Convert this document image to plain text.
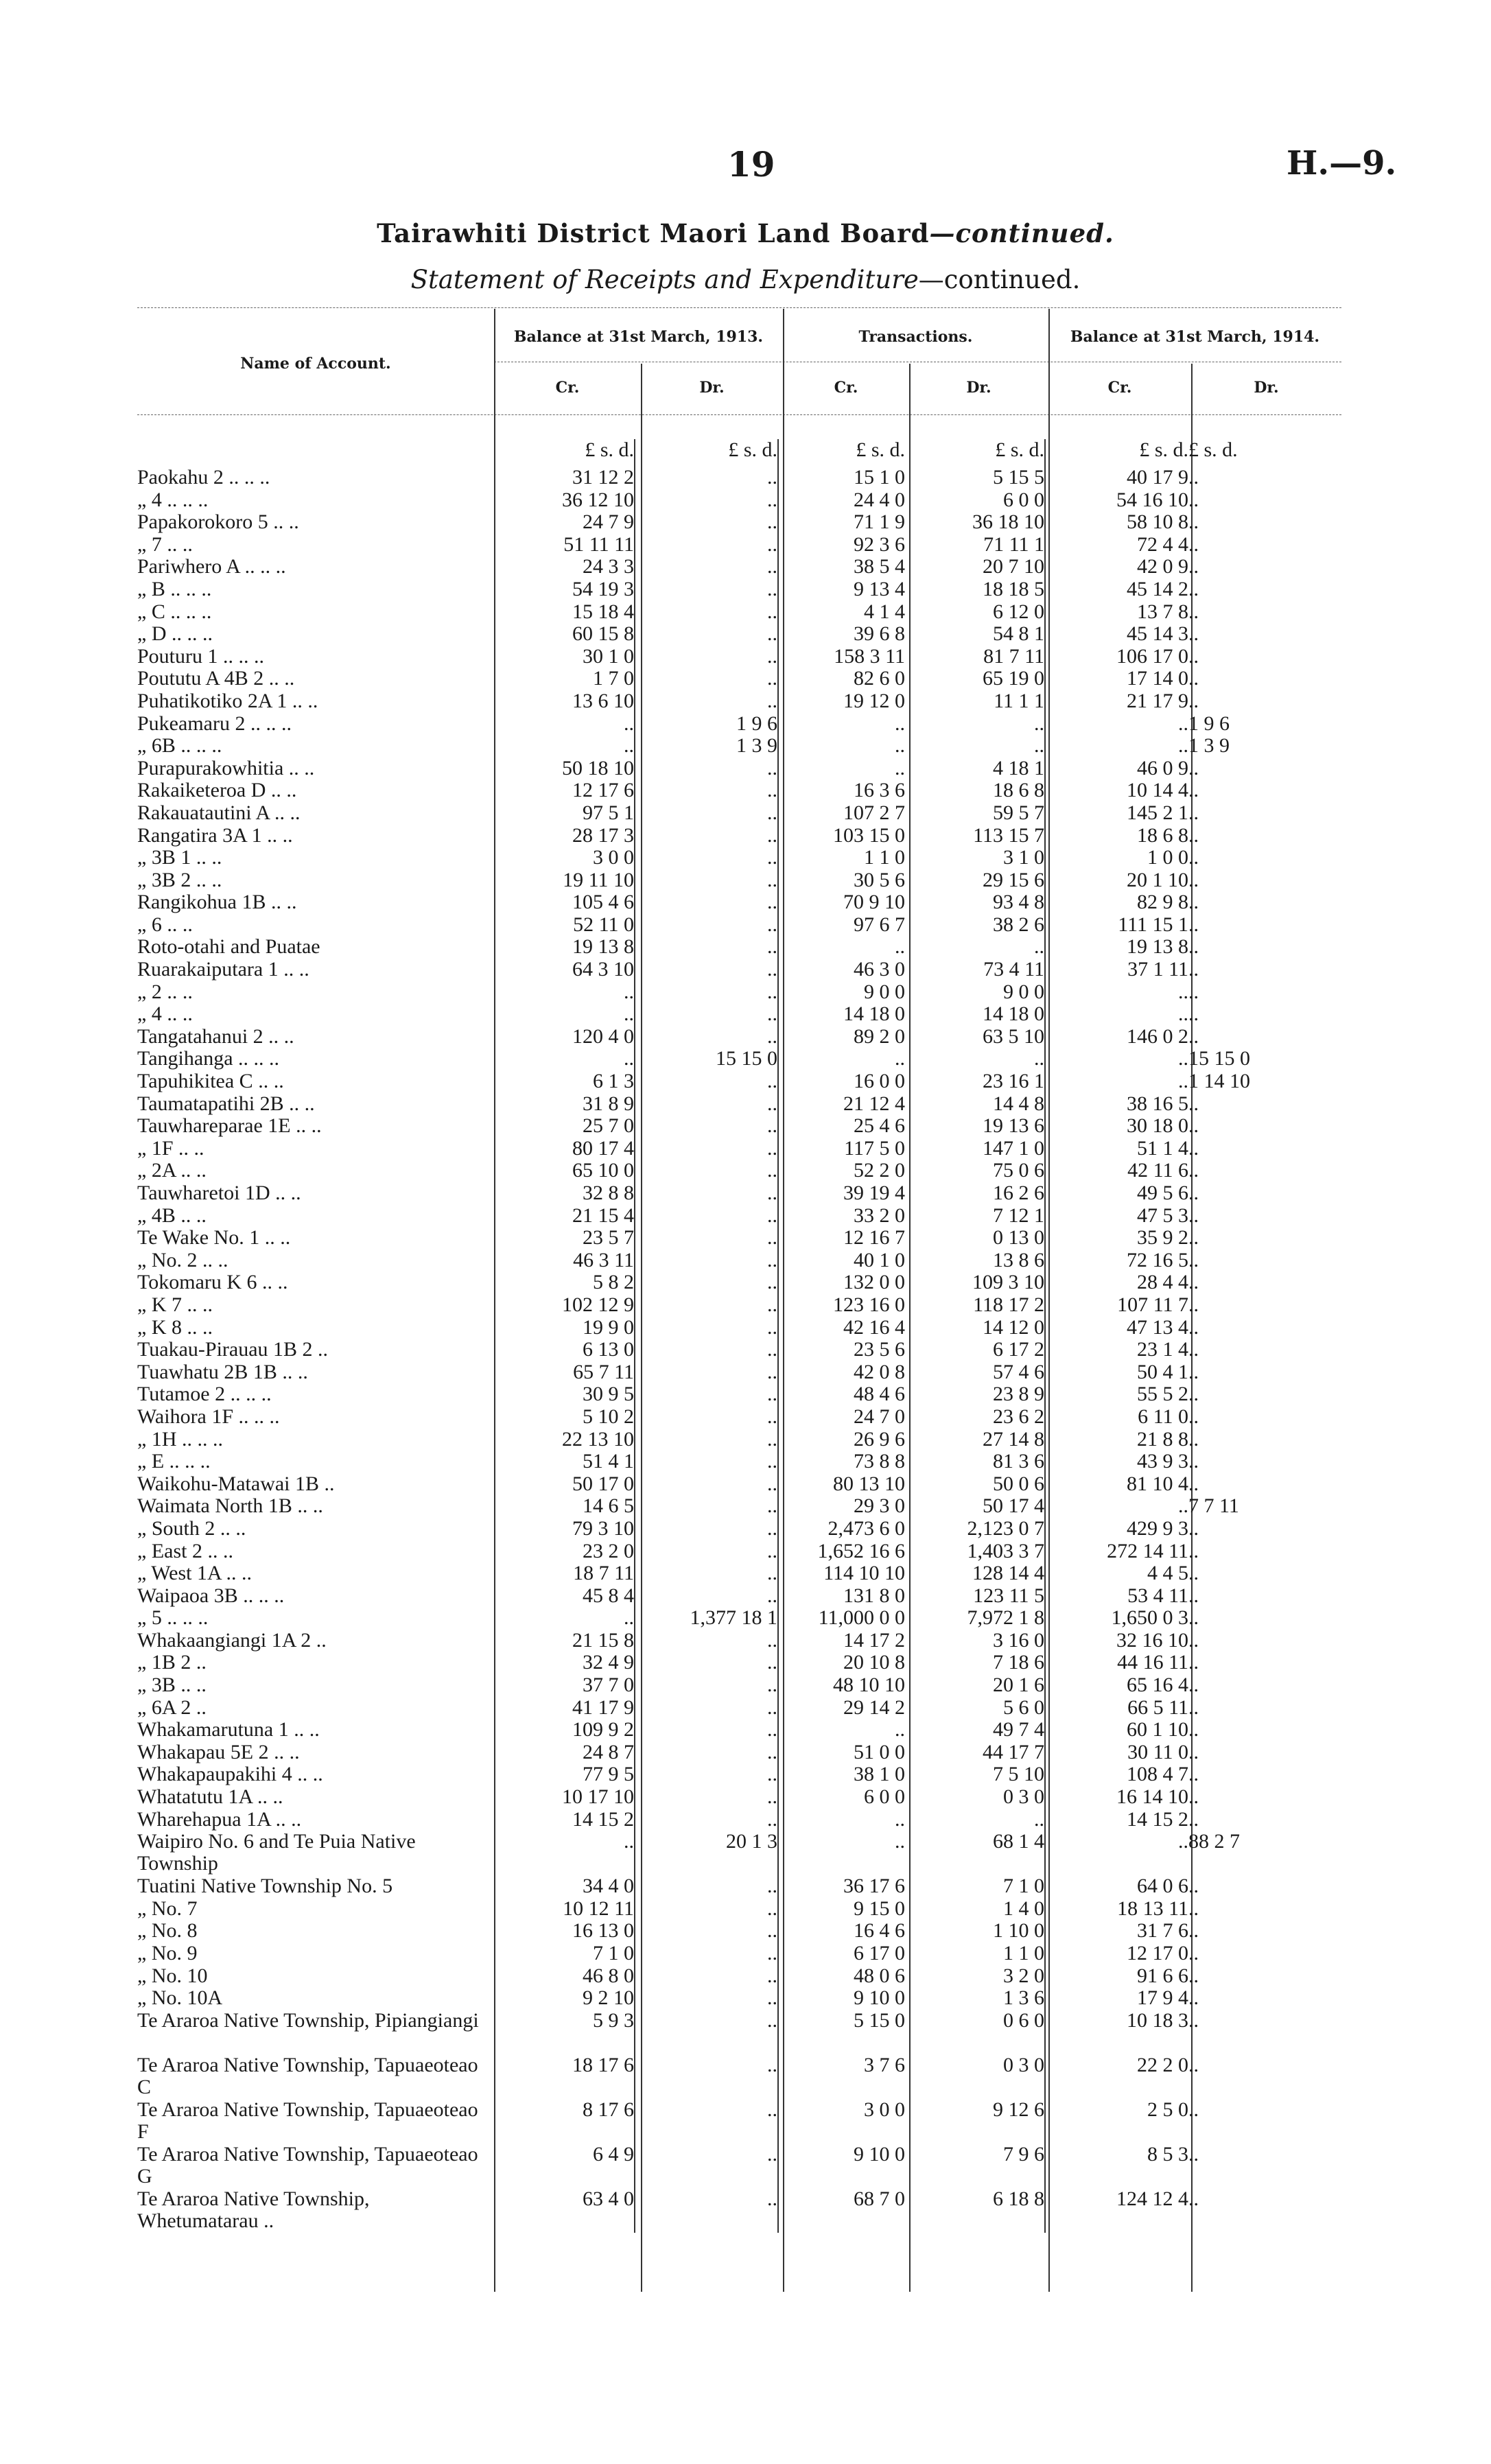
19	H.—9.
Tairawhiti District Maori Land Board—continued.
Statement of Receipts and Expenditure—continued.
Name of Account.
Balance at 31st March, 1913.	Transactions.	Balance at 31st March, 1914.
Cr.	Dr.	Cr.	Dr.	Cr.	Dr.
	£ s. d.	£ s. d.	£ s. d.	£ s. d.	£ s. d.	£ s. d.
Paokahu 2 .. .. ..	31 12 2	..	15 1 0	5 15 5	40 17 9	..
„ 4 .. .. ..	36 12 10	..	24 4 0	6 0 0	54 16 10	..
Papakorokoro 5 .. ..	24 7 9	..	71 1 9	36 18 10	58 10 8	..
„ 7 .. ..	51 11 11	..	92 3 6	71 11 1	72 4 4	..
Pariwhero A .. .. ..	24 3 3	..	38 5 4	20 7 10	42 0 9	..
„ B .. .. ..	54 19 3	..	9 13 4	18 18 5	45 14 2	..
„ C .. .. ..	15 18 4	..	4 1 4	6 12 0	13 7 8	..
„ D .. .. ..	60 15 8	..	39 6 8	54 8 1	45 14 3	..
Pouturu 1 .. .. ..	30 1 0	..	158 3 11	81 7 11	106 17 0	..
Poututu A 4B 2 .. ..	1 7 0	..	82 6 0	65 19 0	17 14 0	..
Puhatikotiko 2A 1 .. ..	13 6 10	..	19 12 0	11 1 1	21 17 9	..
Pukeamaru 2 .. .. ..	..	1 9 6	..	..	..	1 9 6
„ 6B .. .. ..	..	1 3 9	..	..	..	1 3 9
Purapurakowhitia .. ..	50 18 10	..	..	4 18 1	46 0 9	..
Rakaiketeroa D .. ..	12 17 6	..	16 3 6	18 6 8	10 14 4	..
Rakauatautini A .. ..	97 5 1	..	107 2 7	59 5 7	145 2 1	..
Rangatira 3A 1 .. ..	28 17 3	..	103 15 0	113 15 7	18 6 8	..
„ 3B 1 .. ..	3 0 0	..	1 1 0	3 1 0	1 0 0	..
„ 3B 2 .. ..	19 11 10	..	30 5 6	29 15 6	20 1 10	..
Rangikohua 1B .. ..	105 4 6	..	70 9 10	93 4 8	82 9 8	..
„ 6 .. ..	52 11 0	..	97 6 7	38 2 6	111 15 1	..
Roto-otahi and Puatae	19 13 8	..	..	..	19 13 8	..
Ruarakaiputara 1 .. ..	64 3 10	..	46 3 0	73 4 11	37 1 11	..
„ 2 .. ..	..	..	9 0 0	9 0 0	..	..
„ 4 .. ..	..	..	14 18 0	14 18 0	..	..
Tangatahanui 2 .. ..	120 4 0	..	89 2 0	63 5 10	146 0 2	..
Tangihanga .. .. ..	..	15 15 0	..	..	..	15 15 0
Tapuhikitea C .. ..	6 1 3	..	16 0 0	23 16 1	..	1 14 10
Taumatapatihi 2B .. ..	31 8 9	..	21 12 4	14 4 8	38 16 5	..
Tauwhareparae 1E .. ..	25 7 0	..	25 4 6	19 13 6	30 18 0	..
„ 1F .. ..	80 17 4	..	117 5 0	147 1 0	51 1 4	..
„ 2A .. ..	65 10 0	..	52 2 0	75 0 6	42 11 6	..
Tauwharetoi 1D .. ..	32 8 8	..	39 19 4	16 2 6	49 5 6	..
„ 4B .. ..	21 15 4	..	33 2 0	7 12 1	47 5 3	..
Te Wake No. 1 .. ..	23 5 7	..	12 16 7	0 13 0	35 9 2	..
„ No. 2 .. ..	46 3 11	..	40 1 0	13 8 6	72 16 5	..
Tokomaru K 6 .. ..	5 8 2	..	132 0 0	109 3 10	28 4 4	..
„ K 7 .. ..	102 12 9	..	123 16 0	118 17 2	107 11 7	..
„ K 8 .. ..	19 9 0	..	42 16 4	14 12 0	47 13 4	..
Tuakau-Pirauau 1B 2 ..	6 13 0	..	23 5 6	6 17 2	23 1 4	..
Tuawhatu 2B 1B .. ..	65 7 11	..	42 0 8	57 4 6	50 4 1	..
Tutamoe 2 .. .. ..	30 9 5	..	48 4 6	23 8 9	55 5 2	..
Waihora 1F .. .. ..	5 10 2	..	24 7 0	23 6 2	6 11 0	..
„ 1H .. .. ..	22 13 10	..	26 9 6	27 14 8	21 8 8	..
„ E .. .. ..	51 4 1	..	73 8 8	81 3 6	43 9 3	..
Waikohu-Matawai 1B ..	50 17 0	..	80 13 10	50 0 6	81 10 4	..
Waimata North 1B .. ..	14 6 5	..	29 3 0	50 17 4	..	7 7 11
„ South 2 .. ..	79 3 10	..	2,473 6 0	2,123 0 7	429 9 3	..
„ East 2 .. ..	23 2 0	..	1,652 16 6	1,403 3 7	272 14 11	..
„ West 1A .. ..	18 7 11	..	114 10 10	128 14 4	4 4 5	..
Waipaoa 3B .. .. ..	45 8 4	..	131 8 0	123 11 5	53 4 11	..
„ 5 .. .. ..	..	1,377 18 1	11,000 0 0	7,972 1 8	1,650 0 3	..
Whakaangiangi 1A 2 ..	21 15 8	..	14 17 2	3 16 0	32 16 10	..
„ 1B 2 ..	32 4 9	..	20 10 8	7 18 6	44 16 11	..
„ 3B .. ..	37 7 0	..	48 10 10	20 1 6	65 16 4	..
„ 6A 2 ..	41 17 9	..	29 14 2	5 6 0	66 5 11	..
Whakamarutuna 1 .. ..	109 9 2	..	..	49 7 4	60 1 10	..
Whakapau 5E 2 .. ..	24 8 7	..	51 0 0	44 17 7	30 11 0	..
Whakapaupakihi 4 .. ..	77 9 5	..	38 1 0	7 5 10	108 4 7	..
Whatatutu 1A .. ..	10 17 10	..	6 0 0	0 3 0	16 14 10	..
Wharehapua 1A .. ..	14 15 2	..	..	..	14 15 2	..
Waipiro No. 6 and Te Puia Native Township	..	20 1 3	..	68 1 4	..	88 2 7
Tuatini Native Township No. 5	34 4 0	..	36 17 6	7 1 0	64 0 6	..
„ No. 7	10 12 11	..	9 15 0	1 4 0	18 13 11	..
„ No. 8	16 13 0	..	16 4 6	1 10 0	31 7 6	..
„ No. 9	7 1 0	..	6 17 0	1 1 0	12 17 0	..
„ No. 10	46 8 0	..	48 0 6	3 2 0	91 6 6	..
„ No. 10A	9 2 10	..	9 10 0	1 3 6	17 9 4	..
Te Araroa Native Township, Pipiangiangi	5 9 3	..	5 15 0	0 6 0	10 18 3	..
Te Araroa Native Township, Tapuaeoteao C	18 17 6	..	3 7 6	0 3 0	22 2 0	..
Te Araroa Native Township, Tapuaeoteao F	8 17 6	..	3 0 0	9 12 6	2 5 0	..
Te Araroa Native Township, Tapuaeoteao G	6 4 9	..	9 10 0	7 9 6	8 5 3	..
Te Araroa Native Township, Whetumatarau ..	63 4 0	..	68 7 0	6 18 8	124 12 4	..
